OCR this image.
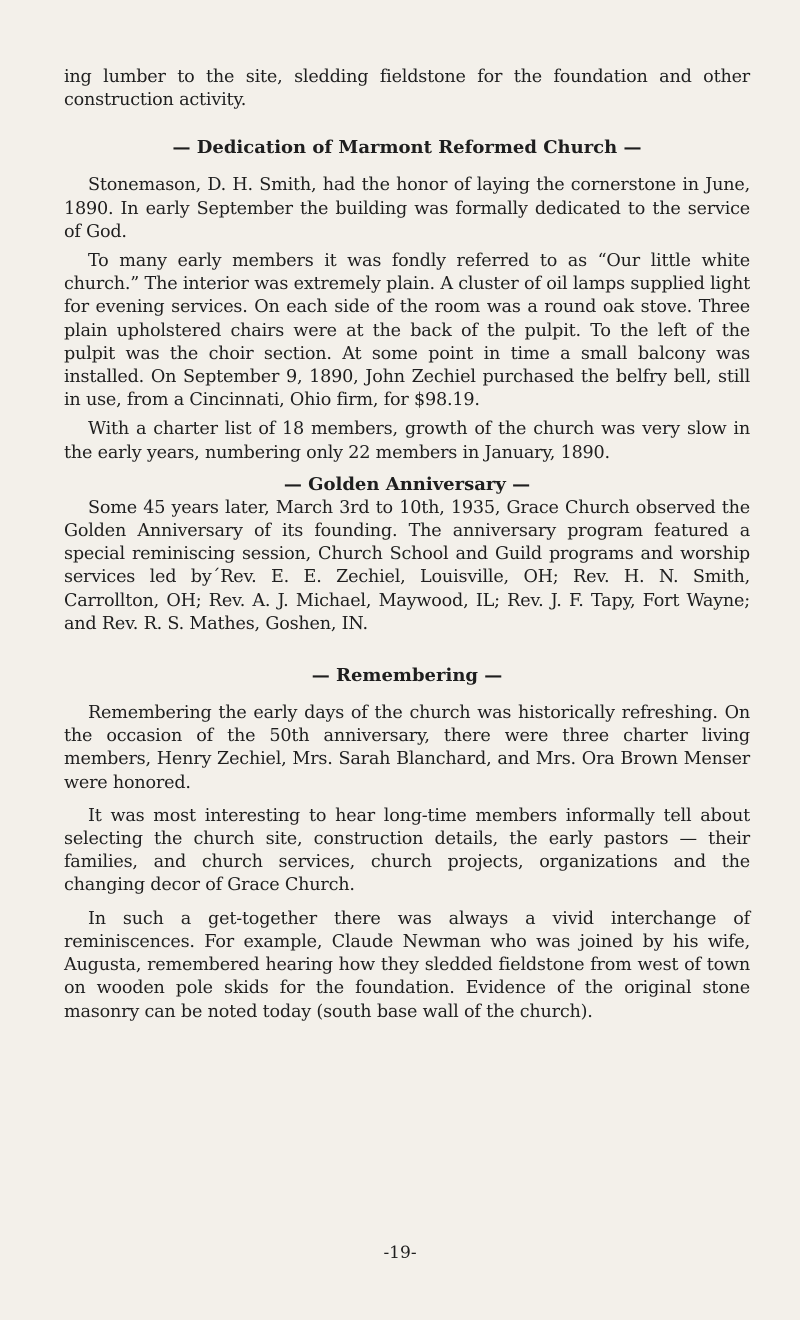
ing lumber to the site, sledding fieldstone for the foundation and other construction activity.

— Dedication of Marmont Reformed Church —

Stonemason, D. H. Smith, had the honor of laying the cornerstone in June, 1890. In early September the building was formally dedicated to the service of God.

To many early members it was fondly referred to as “Our little white church.” The interior was extremely plain. A cluster of oil lamps supplied light for evening services. On each side of the room was a round oak stove. Three plain upholstered chairs were at the back of the pulpit. To the left of the pulpit was the choir section. At some point in time a small balcony was installed. On September 9, 1890, John Zechiel purchased the belfry bell, still in use, from a Cincinnati, Ohio firm, for $98.19.

With a charter list of 18 members, growth of the church was very slow in the early years, numbering only 22 members in January, 1890.

— Golden Anniversary —

Some 45 years later, March 3rd to 10th, 1935, Grace Church observed the Golden Anniversary of its founding. The anniversary program featured a special reminiscing session, Church School and Guild programs and worship services led by´Rev. E. E. Zechiel, Louisville, OH; Rev. H. N. Smith, Carrollton, OH; Rev. A. J. Michael, Maywood, IL; Rev. J. F. Tapy, Fort Wayne; and Rev. R. S. Mathes, Goshen, IN.

— Remembering —

Remembering the early days of the church was historically refreshing. On the occasion of the 50th anniversary, there were three charter living members, Henry Zechiel, Mrs. Sarah Blanchard, and Mrs. Ora Brown Menser were honored.

It was most interesting to hear long-time members informally tell about selecting the church site, construction details, the early pastors — their families, and church services, church projects, organizations and the changing decor of Grace Church.

In such a get-together there was always a vivid interchange of reminiscences. For example, Claude Newman who was joined by his wife, Augusta, remembered hearing how they sledded fieldstone from west of town on wooden pole skids for the foundation. Evidence of the original stone masonry can be noted today (south base wall of the church).

-19-
